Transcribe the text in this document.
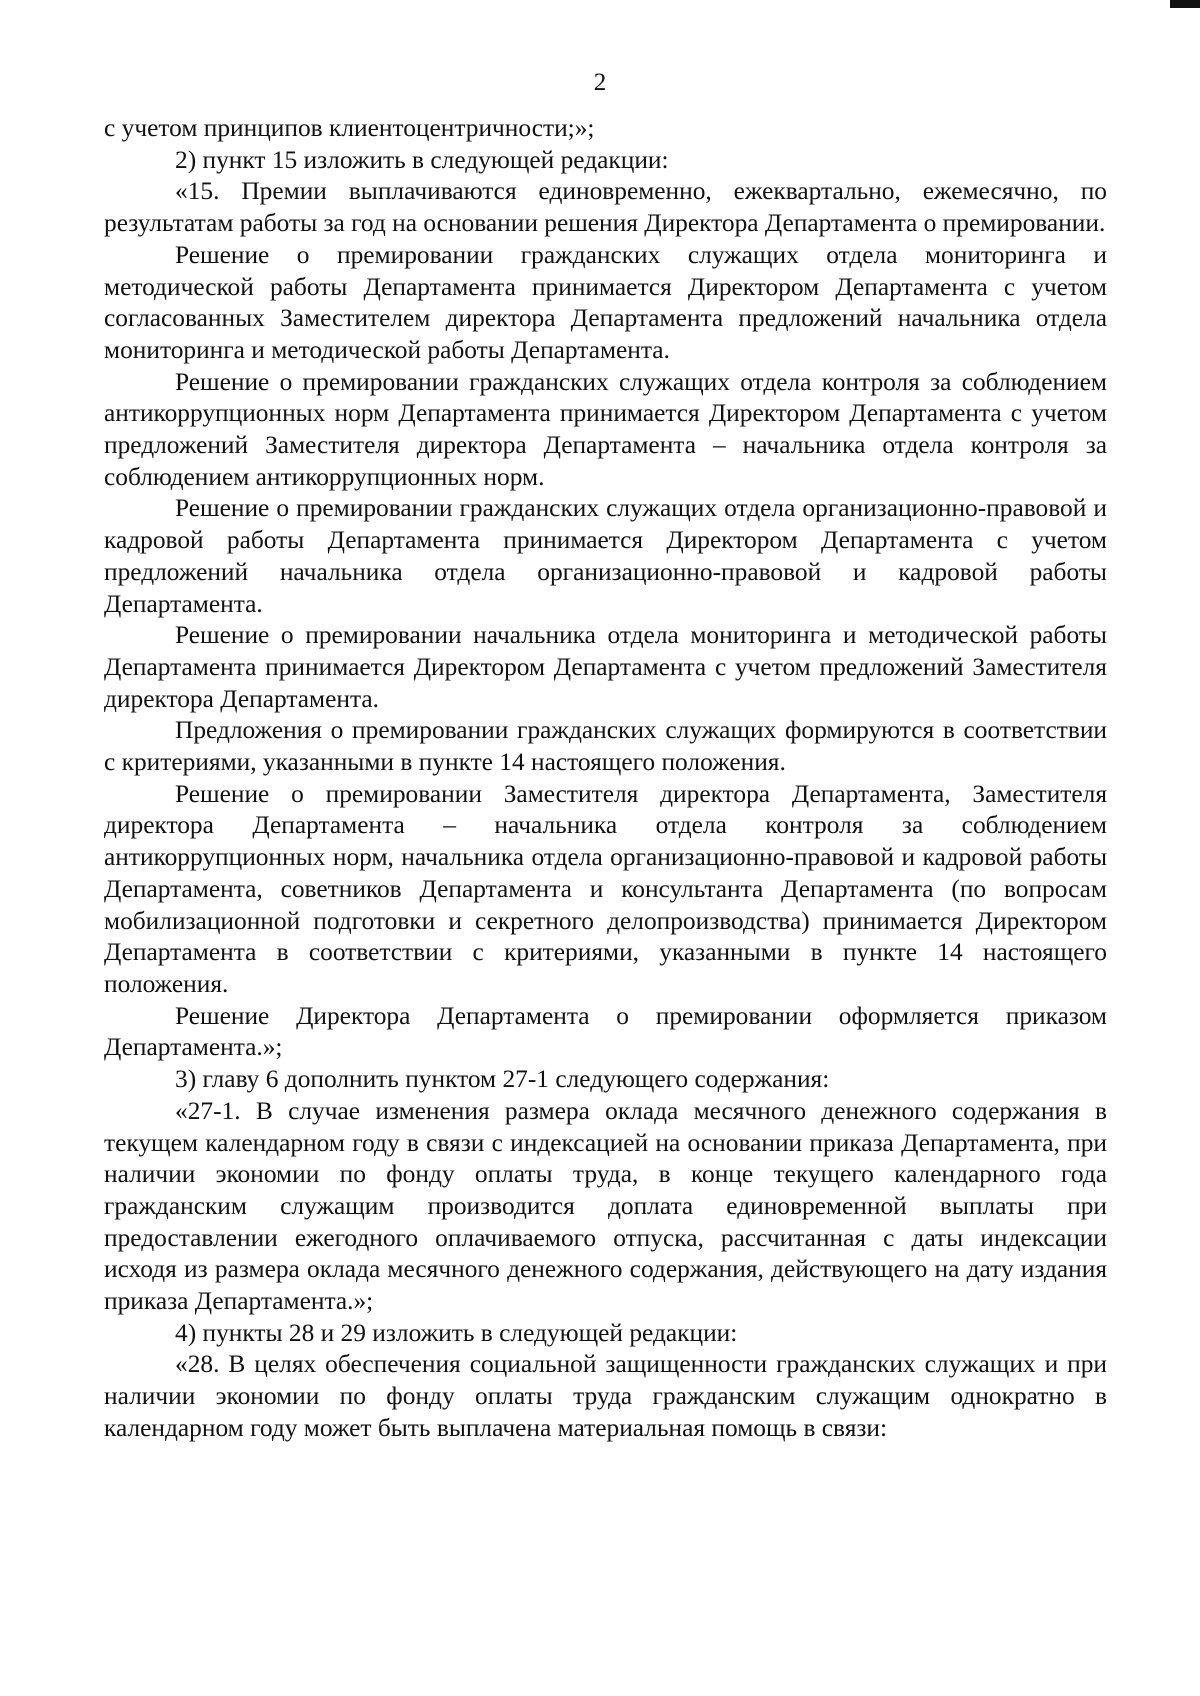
2

с учетом принципов клиентоцентричности;»;

2) пункт 15 изложить в следующей редакции:

«15. Премии выплачиваются единовременно, ежеквартально, ежемесячно, по результатам работы за год на основании решения Директора Департамента о премировании.

Решение о премировании гражданских служащих отдела мониторинга и методической работы Департамента принимается Директором Департамента с учетом согласованных Заместителем директора Департамента предложений начальника отдела мониторинга и методической работы Департамента.

Решение о премировании гражданских служащих отдела контроля за соблюдением антикоррупционных норм Департамента принимается Директором Департамента с учетом предложений Заместителя директора Департамента – начальника отдела контроля за соблюдением антикоррупционных норм.

Решение о премировании гражданских служащих отдела организационно-правовой и кадровой работы Департамента принимается Директором Департамента с учетом предложений начальника отдела организационно-правовой и кадровой работы Департамента.

Решение о премировании начальника отдела мониторинга и методической работы Департамента принимается Директором Департамента с учетом предложений Заместителя директора Департамента.

Предложения о премировании гражданских служащих формируются в соответствии с критериями, указанными в пункте 14 настоящего положения.

Решение о премировании Заместителя директора Департамента, Заместителя директора Департамента – начальника отдела контроля за соблюдением антикоррупционных норм, начальника отдела организационно-правовой и кадровой работы Департамента, советников Департамента и консультанта Департамента (по вопросам мобилизационной подготовки и секретного делопроизводства) принимается Директором Департамента в соответствии с критериями, указанными в пункте 14 настоящего положения.

Решение Директора Департамента о премировании оформляется приказом Департамента.»;

3) главу 6 дополнить пунктом 27-1 следующего содержания:

«27-1. В случае изменения размера оклада месячного денежного содержания в текущем календарном году в связи с индексацией на основании приказа Департамента, при наличии экономии по фонду оплаты труда, в конце текущего календарного года гражданским служащим производится доплата единовременной выплаты при предоставлении ежегодного оплачиваемого отпуска, рассчитанная с даты индексации исходя из размера оклада месячного денежного содержания, действующего на дату издания приказа Департамента.»;

4) пункты 28 и 29 изложить в следующей редакции:

«28. В целях обеспечения социальной защищенности гражданских служащих и при наличии экономии по фонду оплаты труда гражданским служащим однократно в календарном году может быть выплачена материальная помощь в связи:
